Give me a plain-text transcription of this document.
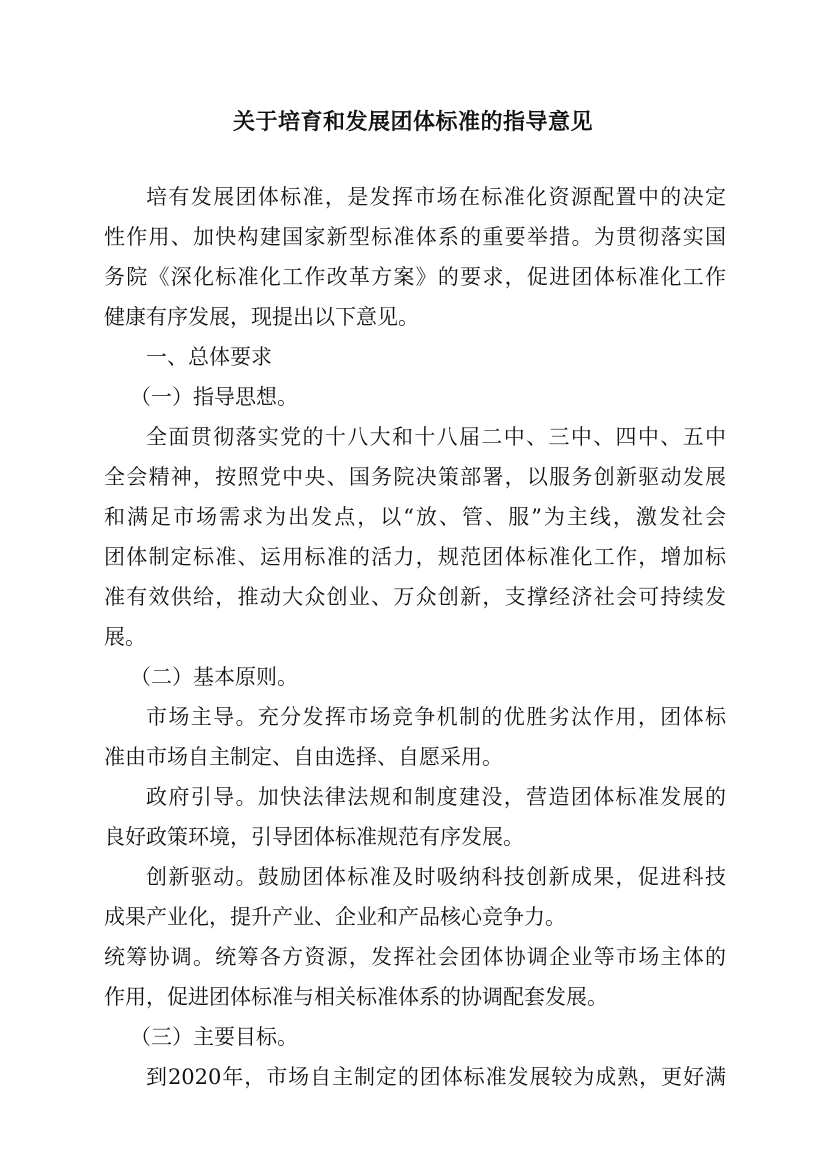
关于培育和发展团体标准的指导意见
培有发展团体标准，是发挥市场在标准化资源配置中的决定
性作用、加快构建国家新型标准体系的重要举措。为贯彻落实国
务院《深化标准化工作改革方案》的要求，促进团体标准化工作
健康有序发展，现提出以下意见。
一、总体要求
（一）指导思想。
全面贯彻落实党的十八大和十八届二中、三中、四中、五中
全会精神，按照党中央、国务院决策部署，以服务创新驱动发展
和满足市场需求为出发点，以“放、管、服”为主线，激发社会
团体制定标准、运用标准的活力，规范团体标准化工作，增加标
准有效供给，推动大众创业、万众创新，支撑经济社会可持续发
展。
（二）基本原则。
市场主导。充分发挥市场竞争机制的优胜劣汰作用，团体标
准由市场自主制定、自由选择、自愿采用。
政府引导。加快法律法规和制度建没，营造团体标准发展的
良好政策环境，引导团体标准规范有序发展。
创新驱动。鼓励团体标准及时吸纳科技创新成果，促进科技
成果产业化，提升产业、企业和产品核心竞争力。
统筹协调。统筹各方资源，发挥社会团体协调企业等市场主体的
作用，促进团体标准与相关标准体系的协调配套发展。
（三）主要目标。
到2020年，市场自主制定的团体标准发展较为成熟，更好满
